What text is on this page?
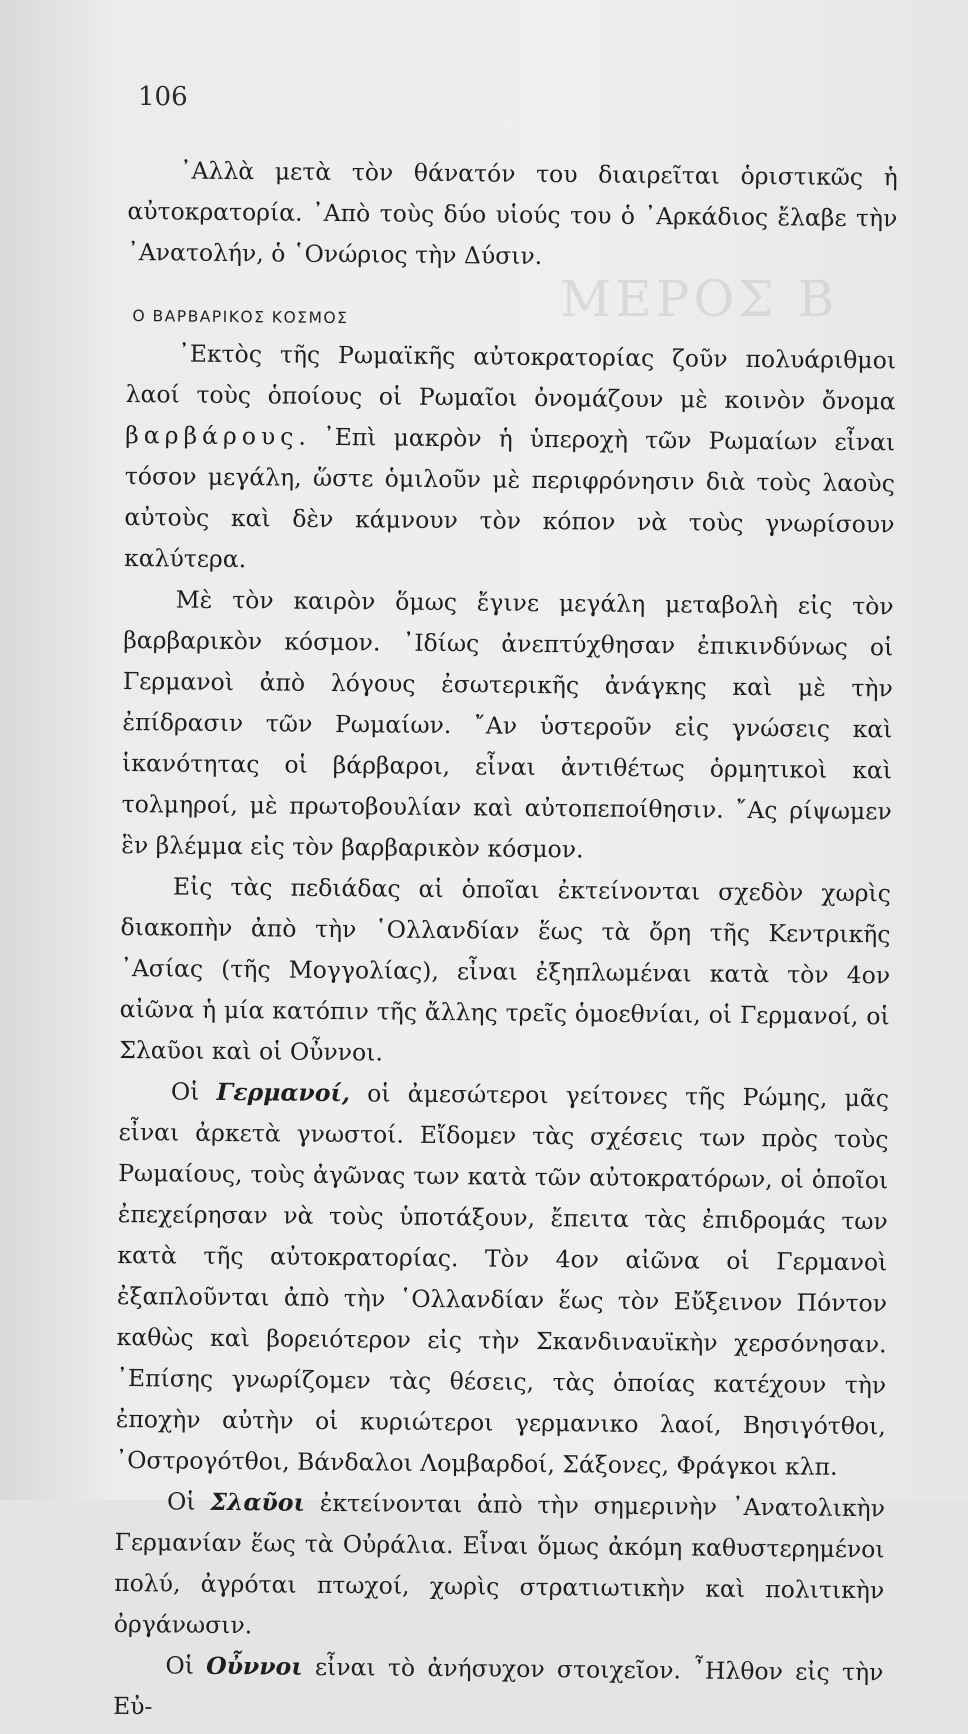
ΜΕΡΟΣ Β
106

᾿Αλλὰ μετὰ τὸν θάνατόν του διαιρεῖται ὁριστικῶς ἡ αὐτοκρατορία. ᾿Απὸ τοὺς δύο υἱούς του ὁ ᾿Αρκάδιος ἔλαβε τὴν ᾿Ανατολήν, ὁ ῾Ονώριος τὴν Δύσιν.

Ο ΒΑΡΒΑΡΙΚΟΣ ΚΟΣΜΟΣ

᾿Εκτὸς τῆς Ρωμαϊκῆς αὐτοκρατορίας ζοῦν πολυάριθμοι λαοί τοὺς ὁποίους οἱ Ρωμαῖοι ὀνομάζουν μὲ κοινὸν ὄνομα βαρβάρους. ᾿Επὶ μακρὸν ἡ ὑπεροχὴ τῶν Ρωμαίων εἶναι τόσον μεγάλη, ὥστε ὁμιλοῦν μὲ περιφρόνησιν διὰ τοὺς λαοὺς αὐτοὺς καὶ δὲν κάμνουν τὸν κόπον νὰ τοὺς γνωρίσουν καλύτερα.

Μὲ τὸν καιρὸν ὅμως ἔγινε μεγάλη μεταβολὴ εἰς τὸν βαρβαρικὸν κόσμον. ᾿Ιδίως ἀνεπτύχθησαν ἐπικινδύνως οἱ Γερμανοὶ ἀπὸ λόγους ἐσωτερικῆς ἀνάγκης καὶ μὲ τὴν ἐπίδρασιν τῶν Ρωμαίων. ῎Αν ὑστεροῦν εἰς γνώσεις καὶ ἱκανότητας οἱ βάρβαροι, εἶναι ἀντιθέτως ὁρμητικοὶ καὶ τολμηροί, μὲ πρωτοβουλίαν καὶ αὐτοπεποίθησιν. ῎Ας ρίψωμεν ἓν βλέμμα εἰς τὸν βαρβαρικὸν κόσμον.

Εἰς τὰς πεδιάδας αἱ ὁποῖαι ἐκτείνονται σχεδὸν χωρὶς διακοπὴν ἀπὸ τὴν ῾Ολλανδίαν ἕως τὰ ὄρη τῆς Κεντρικῆς ᾿Ασίας (τῆς Μογγολίας), εἶναι ἐξηπλωμέναι κατὰ τὸν 4ον αἰῶνα ἡ μία κατόπιν τῆς ἄλλης τρεῖς ὁμοεθνίαι, οἱ Γερμανοί, οἱ Σλαῦοι καὶ οἱ Οὖννοι.

Οἱ Γερμανοί, οἱ ἀμεσώτεροι γείτονες τῆς Ρώμης, μᾶς εἶναι ἀρκετὰ γνωστοί. Εἴδομεν τὰς σχέσεις των πρὸς τοὺς Ρωμαίους, τοὺς ἀγῶνας των κατὰ τῶν αὐτοκρατόρων, οἱ ὁποῖοι ἐπεχείρησαν νὰ τοὺς ὑποτάξουν, ἔπειτα τὰς ἐπιδρομάς των κατὰ τῆς αὐτοκρατορίας. Τὸν 4ον αἰῶνα οἱ Γερμανοὶ ἐξαπλοῦνται ἀπὸ τὴν ῾Ολλανδίαν ἕως τὸν Εὔξεινον Πόντον καθὼς καὶ βορειότερον εἰς τὴν Σκανδιναυϊκὴν χερσόνησαν. ᾿Επίσης γνωρίζομεν τὰς θέσεις, τὰς ὁποίας κατέχουν τὴν ἐποχὴν αὐτὴν οἱ κυριώτεροι γερμανικο λαοί, Βησιγότθοι, ᾿Οστρογότθοι, Βάνδαλοι Λομβαρδοί, Σάξονες, Φράγκοι κλπ.

Οἱ Σλαῦοι ἐκτείνονται ἀπὸ τὴν σημερινὴν ᾿Ανατολικὴν Γερμανίαν ἕως τὰ Οὐράλια. Εἶναι ὅμως ἀκόμη καθυστερημένοι πολύ, ἀγρόται πτωχοί, χωρὶς στρατιωτικὴν καὶ πολιτικὴν ὀργάνωσιν.

Οἱ Οὖννοι εἶναι τὸ ἀνήσυχον στοιχεῖον. ῏Ηλθον εἰς τὴν Εὐ-
